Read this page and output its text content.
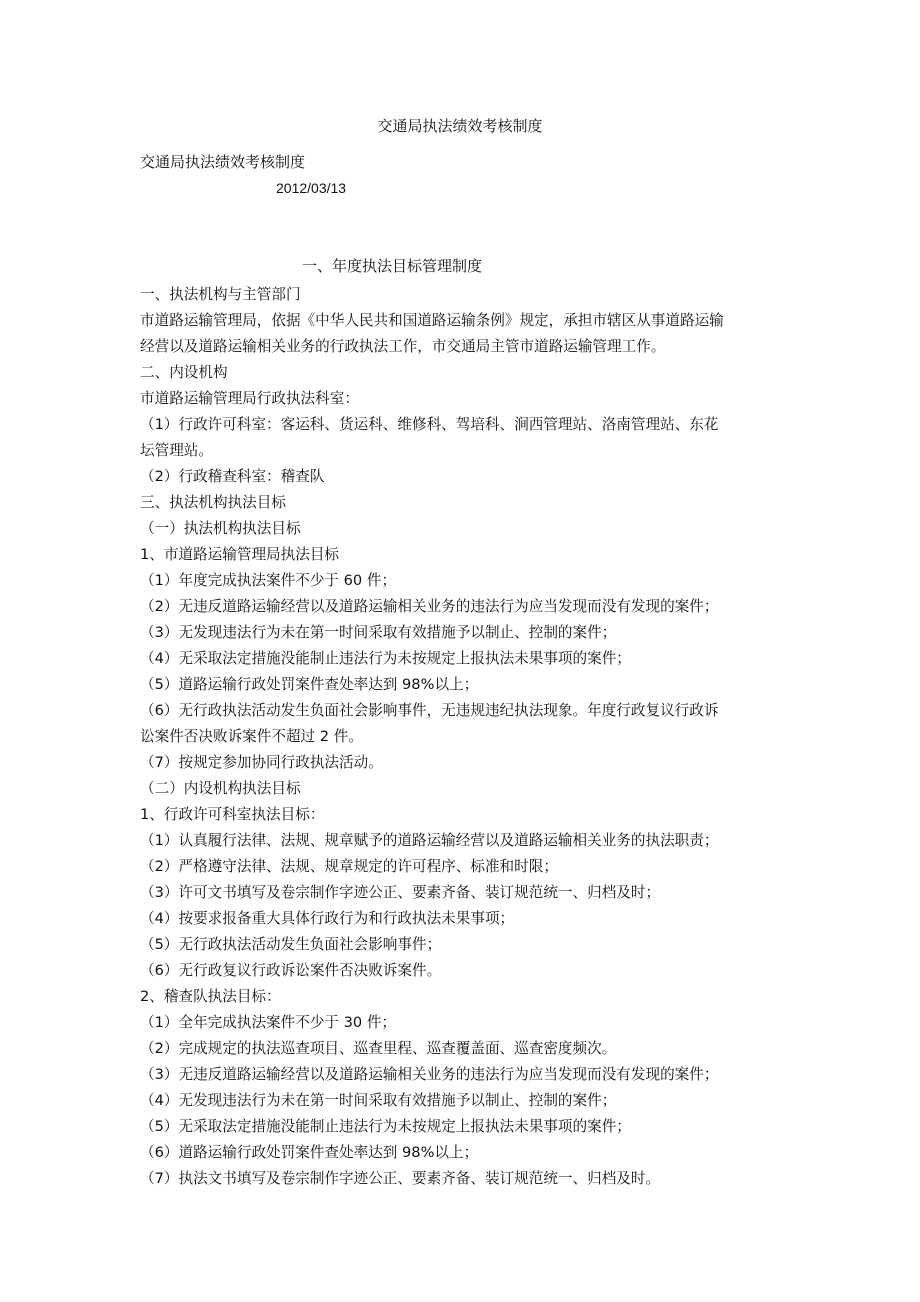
交通局执法绩效考核制度
交通局执法绩效考核制度
2012/03/13
一、年度执法目标管理制度
一、执法机构与主管部门
市道路运输管理局，依据《中华人民共和国道路运输条例》规定，承担市辖区从事道路运输
经营以及道路运输相关业务的行政执法工作，市交通局主管市道路运输管理工作。
二、内设机构
市道路运输管理局行政执法科室：
（1）行政许可科室：客运科、货运科、维修科、驾培科、涧西管理站、洛南管理站、东花
坛管理站。
（2）行政稽查科室：稽查队
三、执法机构执法目标
（一）执法机构执法目标
1、市道路运输管理局执法目标
（1）年度完成执法案件不少于 60 件；
（2）无违反道路运输经营以及道路运输相关业务的违法行为应当发现而没有发现的案件；
（3）无发现违法行为未在第一时间采取有效措施予以制止、控制的案件；
（4）无采取法定措施没能制止违法行为未按规定上报执法未果事项的案件；
（5）道路运输行政处罚案件查处率达到 98%以上；
（6）无行政执法活动发生负面社会影响事件，无违规违纪执法现象。年度行政复议行政诉
讼案件否决败诉案件不超过 2 件。
（7）按规定参加协同行政执法活动。
（二）内设机构执法目标
1、行政许可科室执法目标：
（1）认真履行法律、法规、规章赋予的道路运输经营以及道路运输相关业务的执法职责；
（2）严格遵守法律、法规、规章规定的许可程序、标准和时限；
（3）许可文书填写及卷宗制作字迹公正、要素齐备、装订规范统一、归档及时；
（4）按要求报备重大具体行政行为和行政执法未果事项；
（5）无行政执法活动发生负面社会影响事件；
（6）无行政复议行政诉讼案件否决败诉案件。
2、稽查队执法目标：
（1）全年完成执法案件不少于 30 件；
（2）完成规定的执法巡查项目、巡查里程、巡查覆盖面、巡查密度频次。
（3）无违反道路运输经营以及道路运输相关业务的违法行为应当发现而没有发现的案件；
（4）无发现违法行为未在第一时间采取有效措施予以制止、控制的案件；
（5）无采取法定措施没能制止违法行为未按规定上报执法未果事项的案件；
（6）道路运输行政处罚案件查处率达到 98%以上；
（7）执法文书填写及卷宗制作字迹公正、要素齐备、装订规范统一、归档及时。
